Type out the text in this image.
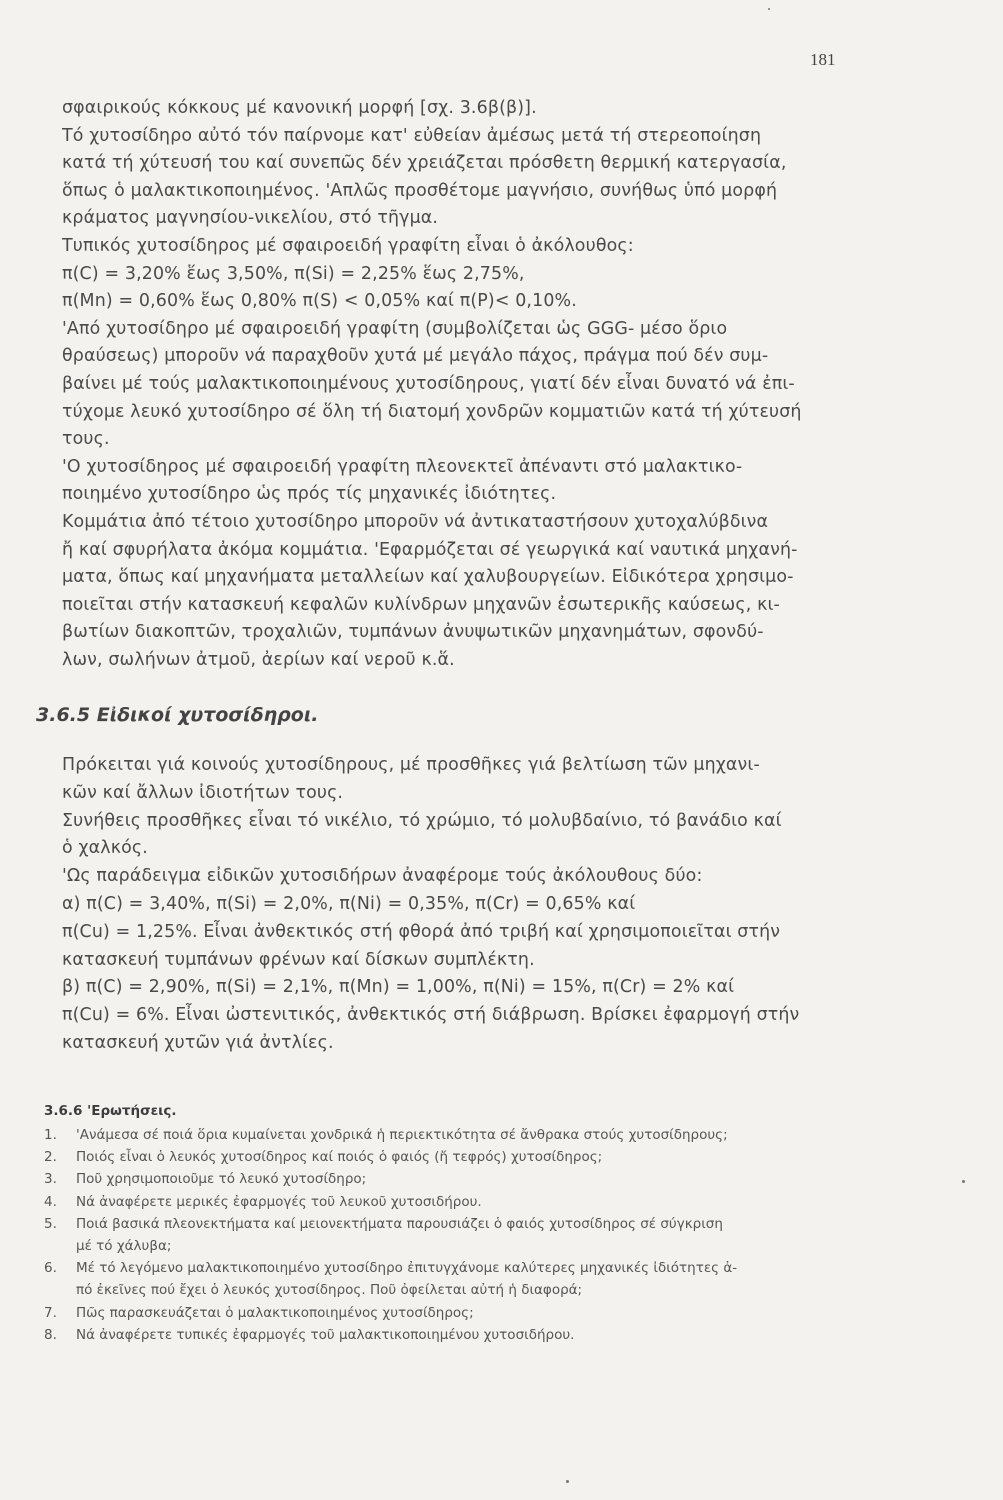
181
σφαιρικούς κόκκους μέ κανονική μορφή [σχ. 3.6β(β)].
Τό χυτοσίδηρο αὐτό τόν παίρνομε κατ' εὐθείαν ἀμέσως μετά τή στερεοποίηση
κατά τή χύτευσή του καί συνεπῶς δέν χρειάζεται πρόσθετη θερμική κατεργασία,
ὅπως ὁ μαλακτικοποιημένος. 'Απλῶς προσθέτομε μαγνήσιο, συνήθως ὑπό μορφή
κράματος μαγνησίου-νικελίου, στό τῆγμα.
Τυπικός χυτοσίδηρος μέ σφαιροειδή γραφίτη εἶναι ὁ ἀκόλουθος:
π(C) = 3,20% ἕως 3,50%, π(Si) = 2,25% ἕως 2,75%,
π(Mn) = 0,60% ἕως 0,80% π(S) < 0,05% καί π(P)< 0,10%.
'Από χυτοσίδηρο μέ σφαιροειδή γραφίτη (συμβολίζεται ὡς GGG- μέσο ὅριο
θραύσεως) μποροῦν νά παραχθοῦν χυτά μέ μεγάλο πάχος, πράγμα πού δέν συμ-
βαίνει μέ τούς μαλακτικοποιημένους χυτοσίδηρους, γιατί δέν εἶναι δυνατό νά ἐπι-
τύχομε λευκό χυτοσίδηρο σέ ὅλη τή διατομή χονδρῶν κομματιῶν κατά τή χύτευσή
τους.
'Ο χυτοσίδηρος μέ σφαιροειδή γραφίτη πλεονεκτεῖ ἀπέναντι στό μαλακτικο-
ποιημένο χυτοσίδηρο ὡς πρός τίς μηχανικές ἰδιότητες.
Κομμάτια ἀπό τέτοιο χυτοσίδηρο μποροῦν νά ἀντικαταστήσουν χυτοχαλύβδινα
ἤ καί σφυρήλατα ἀκόμα κομμάτια. 'Εφαρμόζεται σέ γεωργικά καί ναυτικά μηχανή-
ματα, ὅπως καί μηχανήματα μεταλλείων καί χαλυβουργείων. Εἰδικότερα χρησιμο-
ποιεῖται στήν κατασκευή κεφαλῶν κυλίνδρων μηχανῶν ἐσωτερικῆς καύσεως, κι-
βωτίων διακοπτῶν, τροχαλιῶν, τυμπάνων ἀνυψωτικῶν μηχανημάτων, σφονδύ-
λων, σωλήνων ἀτμοῦ, ἀερίων καί νεροῦ κ.ἅ.
3.6.5 Εἰδικοί χυτοσίδηροι.
Πρόκειται γιά κοινούς χυτοσίδηρους, μέ προσθῆκες γιά βελτίωση τῶν μηχανι-
κῶν καί ἄλλων ἰδιοτήτων τους.
Συνήθεις προσθῆκες εἶναι τό νικέλιο, τό χρώμιο, τό μολυβδαίνιο, τό βανάδιο καί
ὁ χαλκός.
'Ως παράδειγμα εἰδικῶν χυτοσιδήρων ἀναφέρομε τούς ἀκόλουθους δύο:
α) π(C) = 3,40%, π(Si) = 2,0%, π(Ni) = 0,35%, π(Cr) = 0,65% καί
π(Cu) = 1,25%. Εἶναι ἀνθεκτικός στή φθορά ἀπό τριβή καί χρησιμοποιεῖται στήν
κατασκευή τυμπάνων φρένων καί δίσκων συμπλέκτη.
β) π(C) = 2,90%, π(Si) = 2,1%, π(Mn) = 1,00%, π(Ni) = 15%, π(Cr) = 2% καί
π(Cu) = 6%. Εἶναι ὠστενιτικός, ἀνθεκτικός στή διάβρωση. Βρίσκει ἐφαρμογή στήν
κατασκευή χυτῶν γιά ἀντλίες.
3.6.6 'Ερωτήσεις.
1.	'Ανάμεσα σέ ποιά ὅρια κυμαίνεται χονδρικά ἡ περιεκτικότητα σέ ἄνθρακα στούς χυτοσίδηρους;
2.	Ποιός εἶναι ὁ λευκός χυτοσίδηρος καί ποιός ὁ φαιός (ἤ τεφρός) χυτοσίδηρος;
3.	Ποῦ χρησιμοποιοῦμε τό λευκό χυτοσίδηρο;
4.	Νά ἀναφέρετε μερικές ἐφαρμογές τοῦ λευκοῦ χυτοσιδήρου.
5.	Ποιά βασικά πλεονεκτήματα καί μειονεκτήματα παρουσιάζει ὁ φαιός χυτοσίδηρος σέ σύγκριση
μέ τό χάλυβα;
6.	Μέ τό λεγόμενο μαλακτικοποιημένο χυτοσίδηρο ἐπιτυγχάνομε καλύτερες μηχανικές ἰδιότητες ἀ-
πό ἐκεῖνες πού ἔχει ὁ λευκός χυτοσίδηρος. Ποῦ ὀφείλεται αὐτή ἡ διαφορά;
7.	Πῶς παρασκευάζεται ὁ μαλακτικοποιημένος χυτοσίδηρος;
8.	Νά ἀναφέρετε τυπικές ἐφαρμογές τοῦ μαλακτικοποιημένου χυτοσιδήρου.
